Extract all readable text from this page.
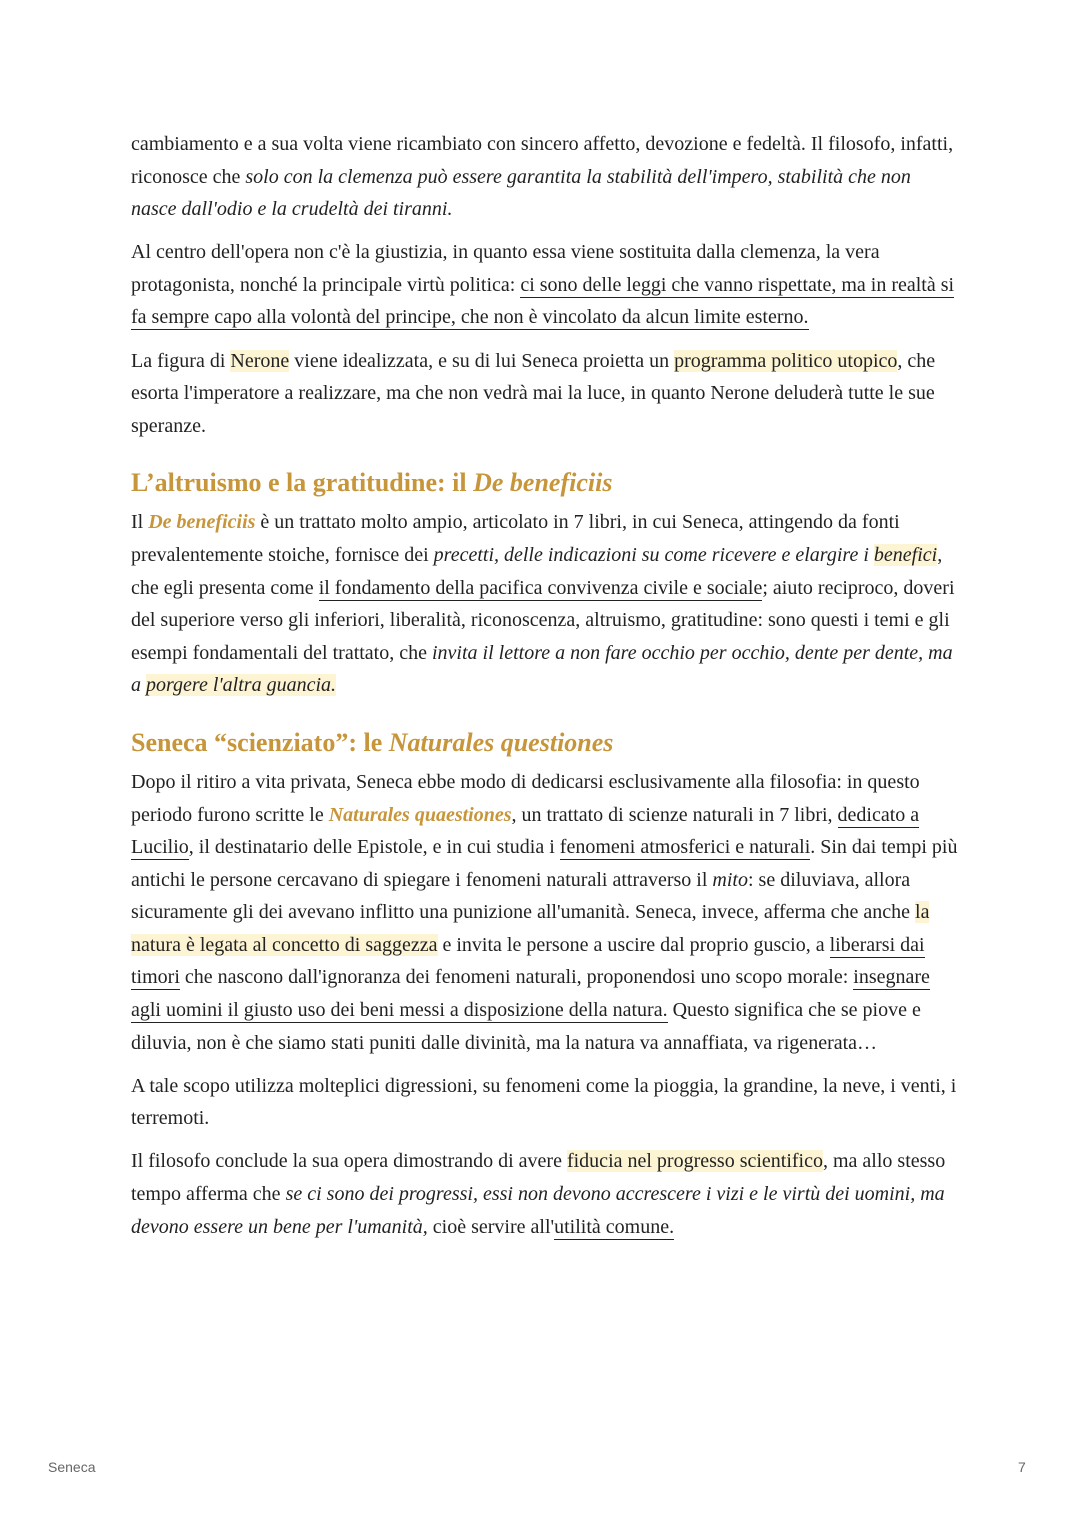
cambiamento e a sua volta viene ricambiato con sincero affetto, devozione e fedeltà. Il filosofo, infatti, riconosce che solo con la clemenza può essere garantita la stabilità dell'impero, stabilità che non nasce dall'odio e la crudeltà dei tiranni.

Al centro dell'opera non c'è la giustizia, in quanto essa viene sostituita dalla clemenza, la vera protagonista, nonché la principale virtù politica: ci sono delle leggi che vanno rispettate, ma in realtà si fa sempre capo alla volontà del principe, che non è vincolato da alcun limite esterno.

La figura di Nerone viene idealizzata, e su di lui Seneca proietta un programma politico utopico, che esorta l'imperatore a realizzare, ma che non vedrà mai la luce, in quanto Nerone deluderà tutte le sue speranze.

L’altruismo e la gratitudine: il De beneficiis

Il De beneficiis è un trattato molto ampio, articolato in 7 libri, in cui Seneca, attingendo da fonti prevalentemente stoiche, fornisce dei precetti, delle indicazioni su come ricevere e elargire i benefici, che egli presenta come il fondamento della pacifica convivenza civile e sociale; aiuto reciproco, doveri del superiore verso gli inferiori, liberalità, riconoscenza, altruismo, gratitudine: sono questi i temi e gli esempi fondamentali del trattato, che invita il lettore a non fare occhio per occhio, dente per dente, ma a porgere l'altra guancia.

Seneca “scienziato”: le Naturales questiones

Dopo il ritiro a vita privata, Seneca ebbe modo di dedicarsi esclusivamente alla filosofia: in questo periodo furono scritte le Naturales quaestiones, un trattato di scienze naturali in 7 libri, dedicato a Lucilio, il destinatario delle Epistole, e in cui studia i fenomeni atmosferici e naturali. Sin dai tempi più antichi le persone cercavano di spiegare i fenomeni naturali attraverso il mito: se diluviava, allora sicuramente gli dei avevano inflitto una punizione all'umanità. Seneca, invece, afferma che anche la natura è legata al concetto di saggezza e invita le persone a uscire dal proprio guscio, a liberarsi dai timori che nascono dall'ignoranza dei fenomeni naturali, proponendosi uno scopo morale: insegnare agli uomini il giusto uso dei beni messi a disposizione della natura. Questo significa che se piove e diluvia, non è che siamo stati puniti dalle divinità, ma la natura va annaffiata, va rigenerata…

A tale scopo utilizza molteplici digressioni, su fenomeni come la pioggia, la grandine, la neve, i venti, i terremoti.

Il filosofo conclude la sua opera dimostrando di avere fiducia nel progresso scientifico, ma allo stesso tempo afferma che se ci sono dei progressi, essi non devono accrescere i vizi e le virtù dei uomini, ma devono essere un bene per l'umanità, cioè servire all'utilità comune.

Seneca	7
